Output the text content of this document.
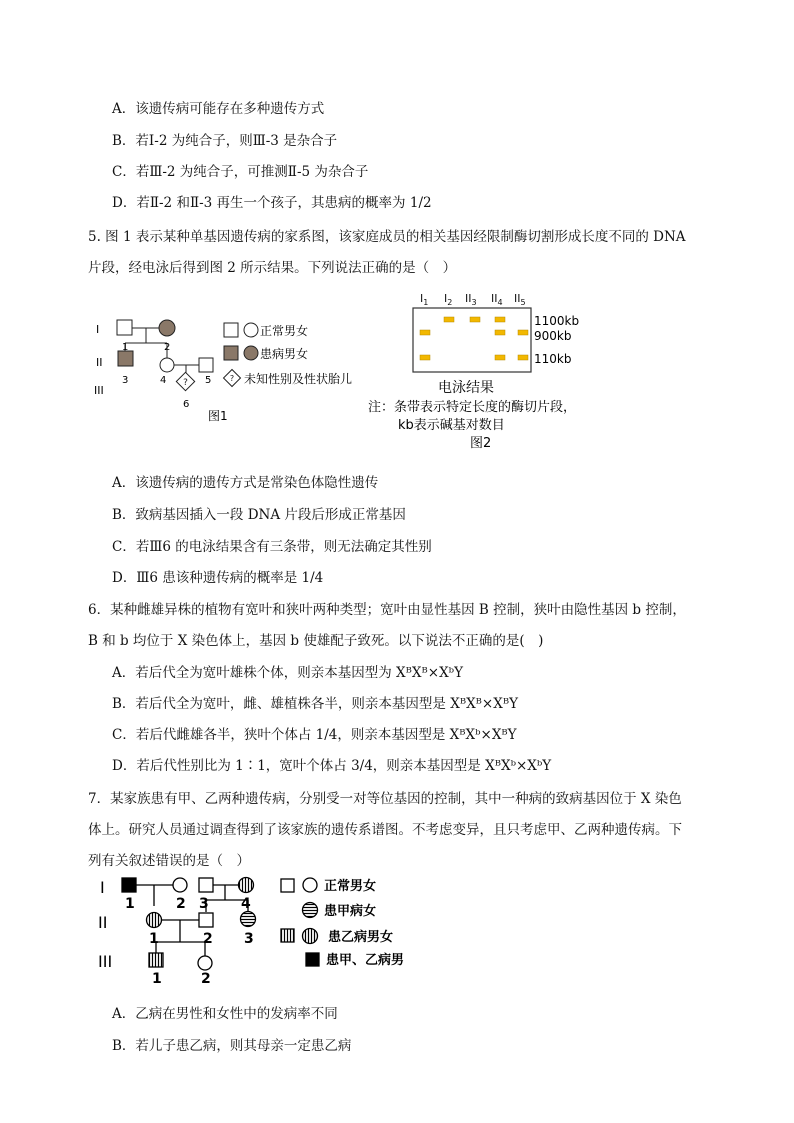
A．该遗传病可能存在多种遗传方式
B．若Ⅰ-2 为纯合子，则Ⅲ-3 是杂合子
C．若Ⅲ-2 为纯合子，可推测Ⅱ-5 为杂合子
D．若Ⅱ-2 和Ⅱ-3 再生一个孩子，其患病的概率为 1/2
5. 图 1 表示某种单基因遗传病的家系图，该家庭成员的相关基因经限制酶切割形成长度不同的 DNA
片段，经电泳后得到图 2 所示结果。下列说法正确的是（　）
?
I
II
III
1	2
3	4	5
6
?
正常男女
患病男女
未知性别及性状胎儿
图1
$I_1$ $I_2$ $II_3$ $II_4$ $II_5$
1100kb
900kb
110kb
电泳结果
注：条带表示特定长度的酶切片段，
kb表示碱基对数目
图2
A．该遗传病的遗传方式是常染色体隐性遗传
B．致病基因插入一段 DNA 片段后形成正常基因
C．若Ⅲ6 的电泳结果含有三条带，则无法确定其性别
D．Ⅲ6 患该种遗传病的概率是 1/4
6．某种雌雄异株的植物有宽叶和狭叶两种类型；宽叶由显性基因 B 控制，狭叶由隐性基因 b 控制，
B 和 b 均位于 X 染色体上，基因 b 使雄配子致死。以下说法不正确的是(　)
A．若后代全为宽叶雄株个体，则亲本基因型为 XᴮXᴮ×XᵇY
B．若后代全为宽叶，雌、雄植株各半，则亲本基因型是 XᴮXᴮ×XᴮY
C．若后代雌雄各半，狭叶个体占 1/4，则亲本基因型是 XᴮXᵇ×XᴮY
D．若后代性别比为 1∶1，宽叶个体占 3/4，则亲本基因型是 XᴮXᵇ×XᵇY
7．某家族患有甲、乙两种遗传病，分别受一对等位基因的控制，其中一种病的致病基因位于 X 染色
体上。研究人员通过调查得到了该家族的遗传系谱图。不考虑变异，且只考虑甲、乙两种遗传病。下
列有关叙述错误的是（　）
I
II
III
1	2 3 4
1	2 3
1	2
正常男女
患甲病女
患乙病男女
患甲、乙病男
A．乙病在男性和女性中的发病率不同
B．若儿子患乙病，则其母亲一定患乙病
